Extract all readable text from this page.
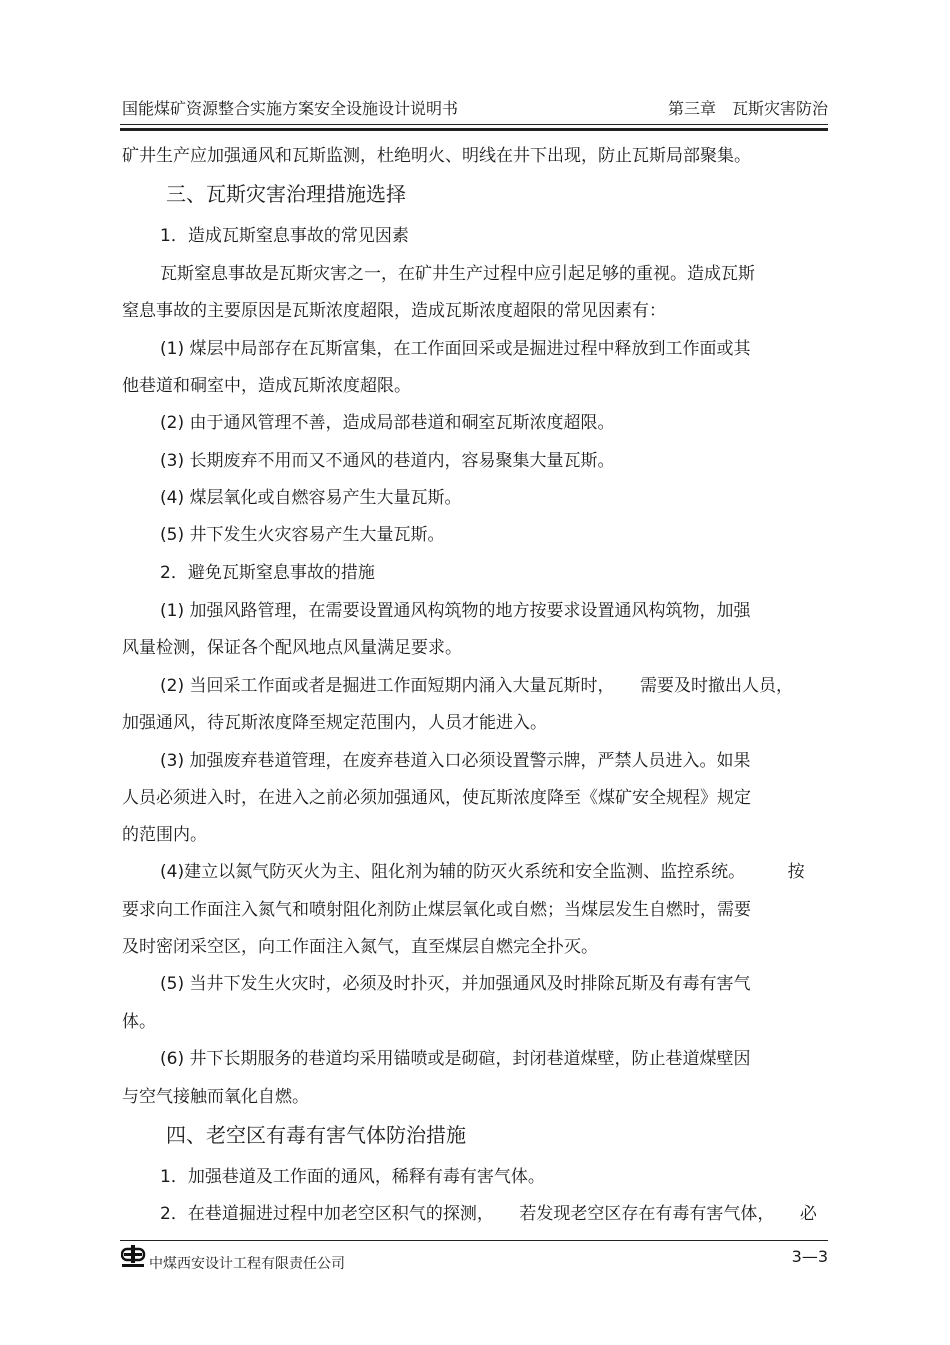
国能煤矿资源整合实施方案安全设施设计说明书	第三章　瓦斯灾害防治
矿井生产应加强通风和瓦斯监测，杜绝明火、明线在井下出现，防止瓦斯局部聚集。
三、瓦斯灾害治理措施选择
1．造成瓦斯窒息事故的常见因素
瓦斯窒息事故是瓦斯灾害之一，在矿井生产过程中应引起足够的重视。造成瓦斯
窒息事故的主要原因是瓦斯浓度超限，造成瓦斯浓度超限的常见因素有：
(1) 煤层中局部存在瓦斯富集，在工作面回采或是掘进过程中释放到工作面或其
他巷道和硐室中，造成瓦斯浓度超限。
(2) 由于通风管理不善，造成局部巷道和硐室瓦斯浓度超限。
(3) 长期废弃不用而又不通风的巷道内，容易聚集大量瓦斯。
(4) 煤层氧化或自燃容易产生大量瓦斯。
(5) 井下发生火灾容易产生大量瓦斯。
2．避免瓦斯窒息事故的措施
(1) 加强风路管理，在需要设置通风构筑物的地方按要求设置通风构筑物，加强
风量检测，保证各个配风地点风量满足要求。
(2) 当回采工作面或者是掘进工作面短期内涌入大量瓦斯时，　　需要及时撤出人员，
加强通风，待瓦斯浓度降至规定范围内，人员才能进入。
(3) 加强废弃巷道管理，在废弃巷道入口必须设置警示牌，严禁人员进入。如果
人员必须进入时，在进入之前必须加强通风，使瓦斯浓度降至《煤矿安全规程》规定
的范围内。
(4)建立以氮气防灭火为主、阻化剂为辅的防灭火系统和安全监测、监控系统。　　　按
要求向工作面注入氮气和喷射阻化剂防止煤层氧化或自燃；当煤层发生自燃时，需要
及时密闭采空区，向工作面注入氮气，直至煤层自燃完全扑灭。
(5) 当井下发生火灾时，必须及时扑灭，并加强通风及时排除瓦斯及有毒有害气
体。
(6) 井下长期服务的巷道均采用锚喷或是砌碹，封闭巷道煤壁，防止巷道煤壁因
与空气接触而氧化自燃。
四、老空区有毒有害气体防治措施
1．加强巷道及工作面的通风，稀释有毒有害气体。
2．在巷道掘进过程中加老空区积气的探测，　　若发现老空区存在有毒有害气体，　　必
中煤西安设计工程有限责任公司	3—3
